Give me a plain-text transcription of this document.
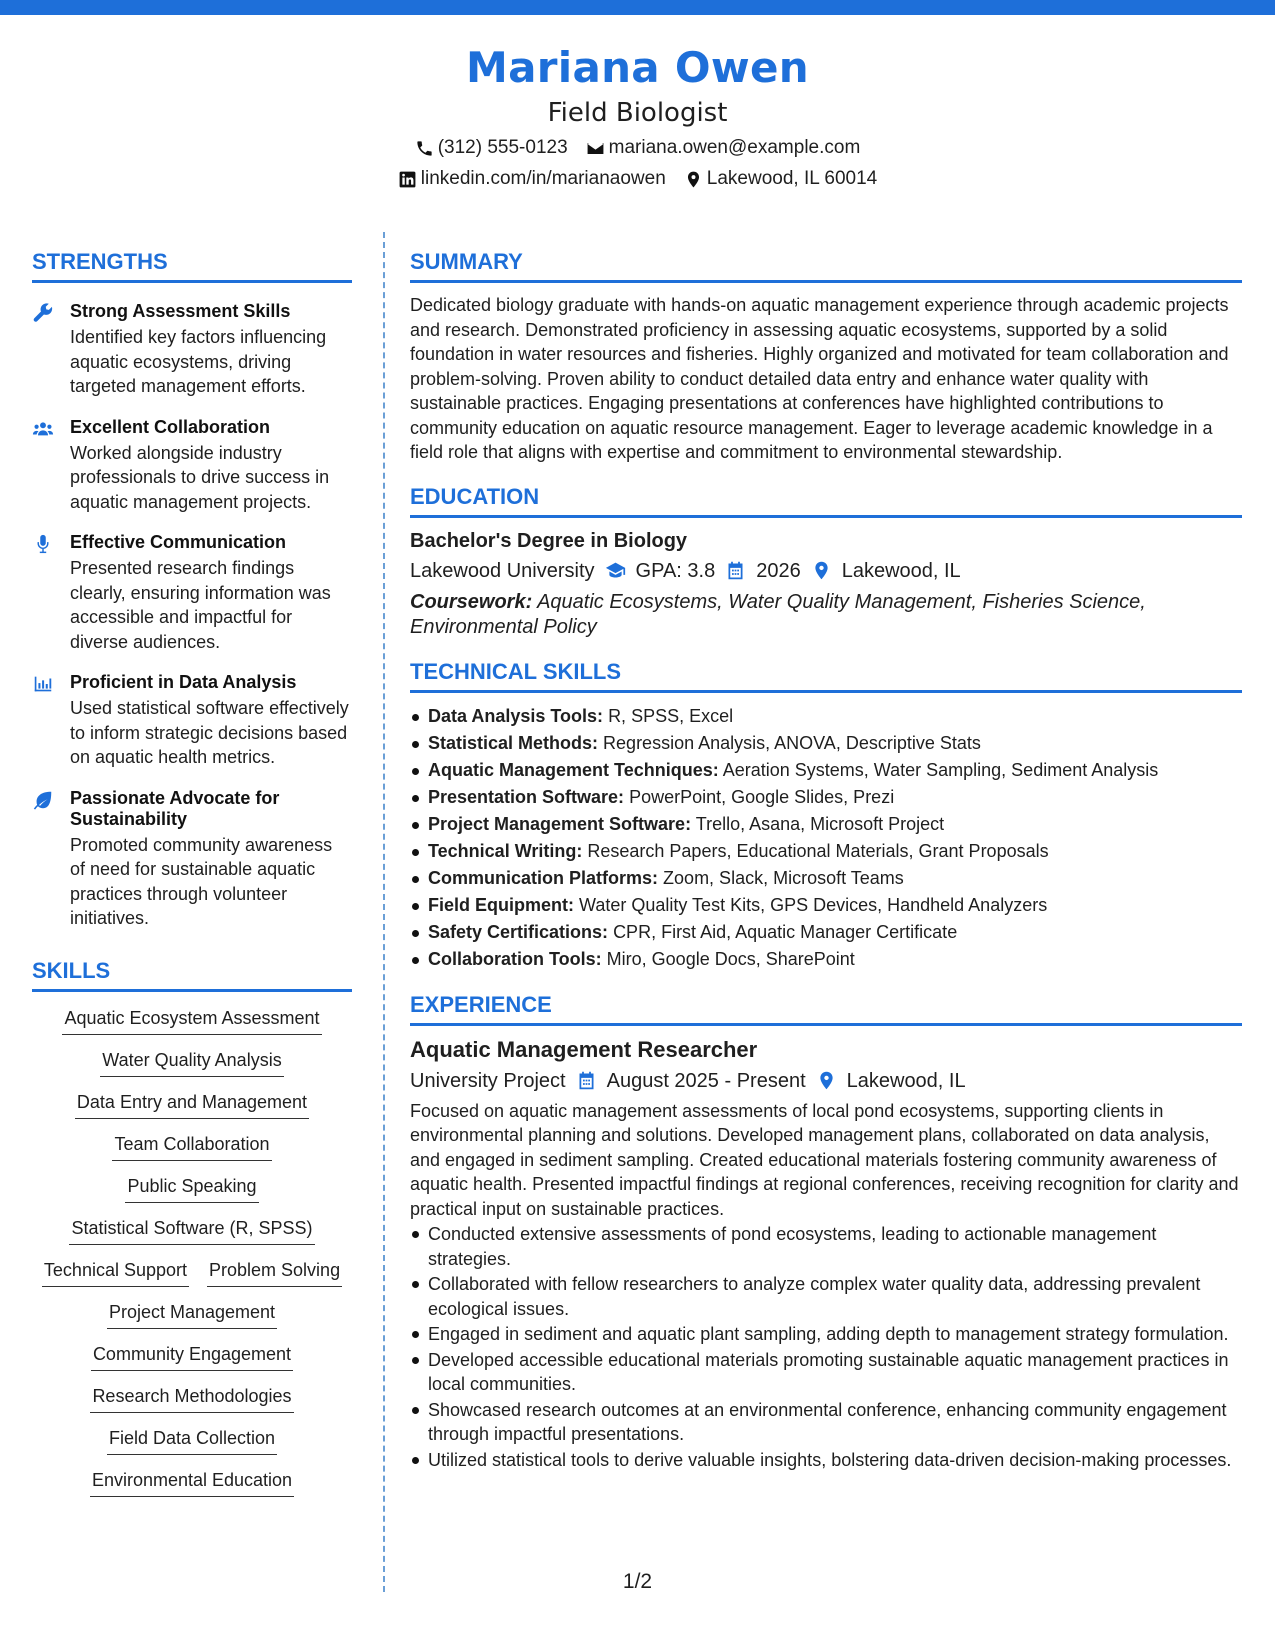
Mariana Owen
Field Biologist
(312) 555-0123 mariana.owen@example.com
linkedin.com/in/marianaowen Lakewood, IL 60014
STRENGTHS
Strong Assessment Skills
Identified key factors influencing aquatic ecosystems, driving targeted management efforts.
Excellent Collaboration
Worked alongside industry professionals to drive success in aquatic management projects.
Effective Communication
Presented research findings clearly, ensuring information was accessible and impactful for diverse audiences.
Proficient in Data Analysis
Used statistical software effectively to inform strategic decisions based on aquatic health metrics.
Passionate Advocate for Sustainability
Promoted community awareness of need for sustainable aquatic practices through volunteer initiatives.
SKILLS
Aquatic Ecosystem Assessment
Water Quality Analysis
Data Entry and Management
Team Collaboration
Public Speaking
Statistical Software (R, SPSS)
Technical Support Problem Solving
Project Management
Community Engagement
Research Methodologies
Field Data Collection
Environmental Education
SUMMARY

Dedicated biology graduate with hands-on aquatic management experience through academic projects and research. Demonstrated proficiency in assessing aquatic ecosystems, supported by a solid foundation in water resources and fisheries. Highly organized and motivated for team collaboration and problem-solving. Proven ability to conduct detailed data entry and enhance water quality with sustainable practices. Engaging presentations at conferences have highlighted contributions to community education on aquatic resource management. Eager to leverage academic knowledge in a field role that aligns with expertise and commitment to environmental stewardship.

EDUCATION
Bachelor's Degree in Biology
Lakewood University GPA: 3.8 2026 Lakewood, IL
Coursework: Aquatic Ecosystems, Water Quality Management, Fisheries Science, Environmental Policy
TECHNICAL SKILLS
Data Analysis Tools: R, SPSS, Excel
Statistical Methods: Regression Analysis, ANOVA, Descriptive Stats
Aquatic Management Techniques: Aeration Systems, Water Sampling, Sediment Analysis
Presentation Software: PowerPoint, Google Slides, Prezi
Project Management Software: Trello, Asana, Microsoft Project
Technical Writing: Research Papers, Educational Materials, Grant Proposals
Communication Platforms: Zoom, Slack, Microsoft Teams
Field Equipment: Water Quality Test Kits, GPS Devices, Handheld Analyzers
Safety Certifications: CPR, First Aid, Aquatic Manager Certificate
Collaboration Tools: Miro, Google Docs, SharePoint
EXPERIENCE
Aquatic Management Researcher
University Project August 2025 - Present Lakewood, IL

Focused on aquatic management assessments of local pond ecosystems, supporting clients in environmental planning and solutions. Developed management plans, collaborated on data analysis, and engaged in sediment sampling. Created educational materials fostering community awareness of aquatic health. Presented impactful findings at regional conferences, receiving recognition for clarity and practical input on sustainable practices.

Conducted extensive assessments of pond ecosystems, leading to actionable management strategies.
Collaborated with fellow researchers to analyze complex water quality data, addressing prevalent ecological issues.
Engaged in sediment and aquatic plant sampling, adding depth to management strategy formulation.
Developed accessible educational materials promoting sustainable aquatic management practices in local communities.
Showcased research outcomes at an environmental conference, enhancing community engagement through impactful presentations.
Utilized statistical tools to derive valuable insights, bolstering data-driven decision-making processes.
1/2
